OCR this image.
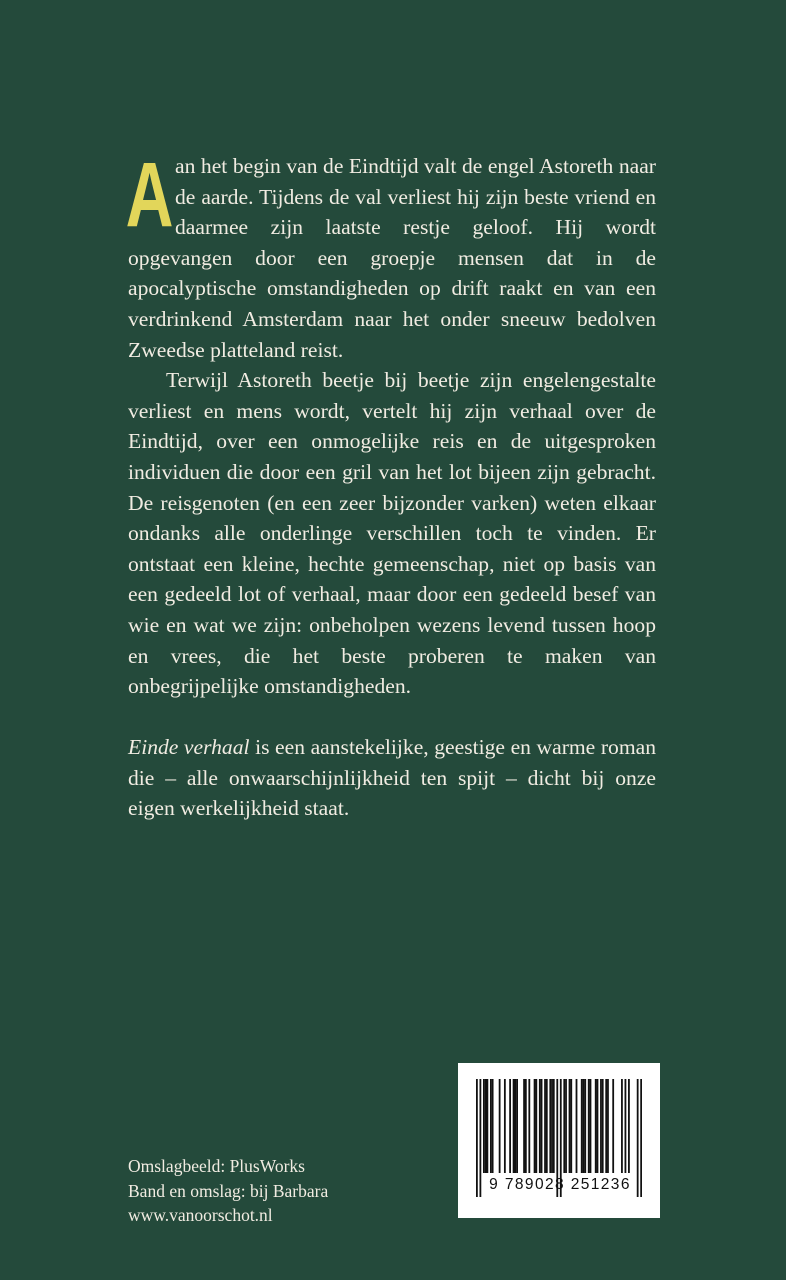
A an het begin van de Eindtijd valt de engel Astoreth naar de aarde. Tijdens de val verliest hij zijn beste vriend en daarmee zijn laatste restje geloof. Hij wordt opgevangen door een groepje mensen dat in de apocalyptische omstandigheden op drift raakt en van een verdrinkend Amsterdam naar het onder sneeuw bedolven Zweedse platteland reist.

Terwijl Astoreth beetje bij beetje zijn engelengestalte verliest en mens wordt, vertelt hij zijn verhaal over de Eindtijd, over een onmogelijke reis en de uitgesproken individuen die door een gril van het lot bijeen zijn gebracht. De reisgenoten (en een zeer bijzonder varken) weten elkaar ondanks alle onderlinge verschillen toch te vinden. Er ontstaat een kleine, hechte gemeenschap, niet op basis van een gedeeld lot of verhaal, maar door een gedeeld besef van wie en wat we zijn: onbeholpen wezens levend tussen hoop en vrees, die het beste proberen te maken van onbegrijpelijke omstandigheden.

Einde verhaal is een aanstekelijke, geestige en warme roman die – alle onwaarschijnlijkheid ten spijt – dicht bij onze eigen werkelijkheid staat.

Omslagbeeld: PlusWorks
Band en omslag: bij Barbara
www.vanoorschot.nl
9 789028 251236
